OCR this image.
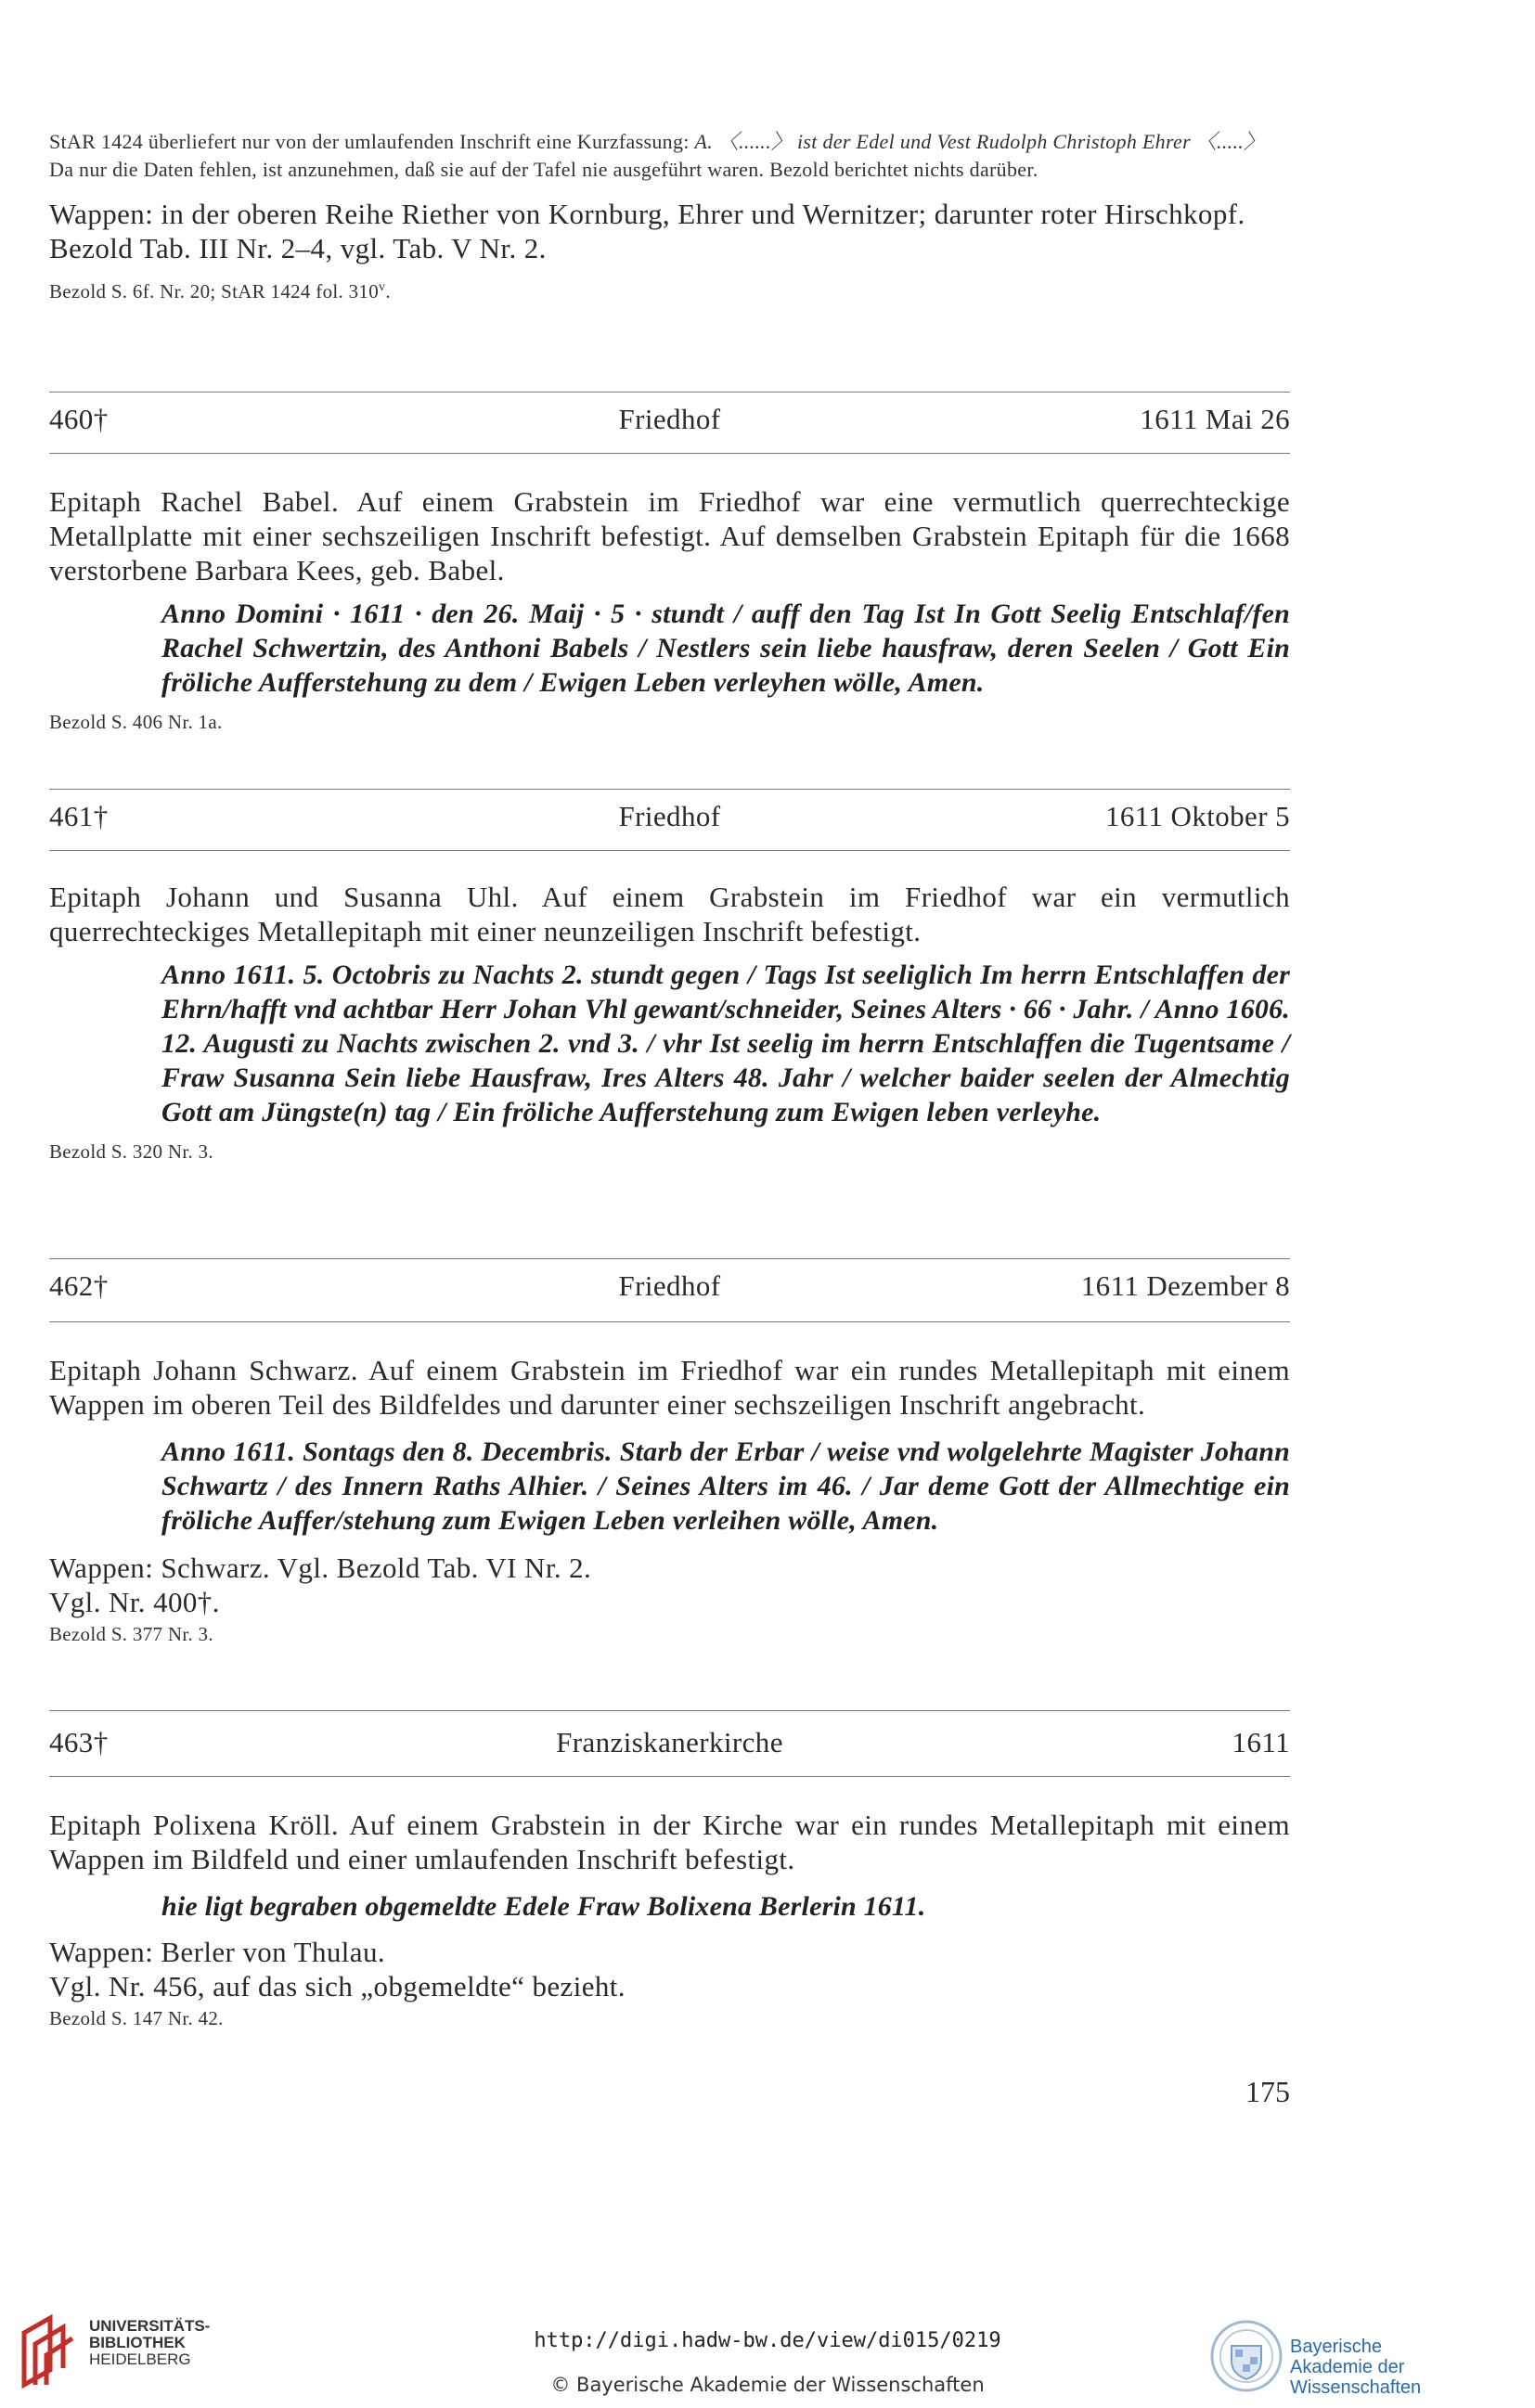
StAR 1424 überliefert nur von der umlaufenden Inschrift eine Kurzfassung: A. 〈......〉 ist der Edel und Vest Rudolph Christoph Ehrer 〈.....〉

Da nur die Daten fehlen, ist anzunehmen, daß sie auf der Tafel nie ausgeführt waren. Bezold berichtet nichts darüber.

Wappen: in der oberen Reihe Riether von Kornburg, Ehrer und Wernitzer; darunter roter Hirschkopf. Bezold Tab. III Nr. 2–4, vgl. Tab. V Nr. 2.

Bezold S. 6f. Nr. 20; StAR 1424 fol. 310$^v$.

460†	Friedhof	1611 Mai 26

Epitaph Rachel Babel. Auf einem Grabstein im Friedhof war eine vermutlich querrechteckige Metallplatte mit einer sechszeiligen Inschrift befestigt. Auf demselben Grabstein Epitaph für die 1668 verstorbene Barbara Kees, geb. Babel.

Anno Domini · 1611 · den 26. Maij · 5 · stundt / auff den Tag Ist In Gott Seelig Entschlaf/fen Rachel Schwertzin, des Anthoni Babels / Nestlers sein liebe hausfraw, deren Seelen / Gott Ein fröliche Aufferstehung zu dem / Ewigen Leben verleyhen wölle, Amen.

Bezold S. 406 Nr. 1a.

461†	Friedhof	1611 Oktober 5

Epitaph Johann und Susanna Uhl. Auf einem Grabstein im Friedhof war ein vermutlich querrechteckiges Metallepitaph mit einer neunzeiligen Inschrift befestigt.

Anno 1611. 5. Octobris zu Nachts 2. stundt gegen / Tags Ist seeliglich Im herrn Entschlaffen der Ehrn/hafft vnd achtbar Herr Johan Vhl gewant/schneider, Seines Alters · 66 · Jahr. / Anno 1606. 12. Augusti zu Nachts zwischen 2. vnd 3. / vhr Ist seelig im herrn Entschlaffen die Tugentsame / Fraw Susanna Sein liebe Hausfraw, Ires Alters 48. Jahr / welcher baider seelen der Almechtig Gott am Jüngste(n) tag / Ein fröliche Aufferstehung zum Ewigen leben verleyhe.

Bezold S. 320 Nr. 3.

462†	Friedhof	1611 Dezember 8

Epitaph Johann Schwarz. Auf einem Grabstein im Friedhof war ein rundes Metallepitaph mit einem Wappen im oberen Teil des Bildfeldes und darunter einer sechszeiligen Inschrift angebracht.

Anno 1611. Sontags den 8. Decembris. Starb der Erbar / weise vnd wolgelehrte Magister Johann Schwartz / des Innern Raths Alhier. / Seines Alters im 46. / Jar deme Gott der Allmechtige ein fröliche Auffer/stehung zum Ewigen Leben verleihen wölle, Amen.

Wappen: Schwarz. Vgl. Bezold Tab. VI Nr. 2.

Vgl. Nr. 400†.

Bezold S. 377 Nr. 3.

463†	Franziskanerkirche	1611

Epitaph Polixena Kröll. Auf einem Grabstein in der Kirche war ein rundes Metallepitaph mit einem Wappen im Bildfeld und einer umlaufenden Inschrift befestigt.

hie ligt begraben obgemeldte Edele Fraw Bolixena Berlerin 1611.

Wappen: Berler von Thulau.

Vgl. Nr. 456, auf das sich „obgemeldte“ bezieht.

Bezold S. 147 Nr. 42.

175
UNIVERSITÄTS-
BIBLIOTHEK
HEIDELBERG
http://digi.hadw-bw.de/view/di015/0219
© Bayerische Akademie der Wissenschaften
Bayerische
Akademie der Wissenschaften
